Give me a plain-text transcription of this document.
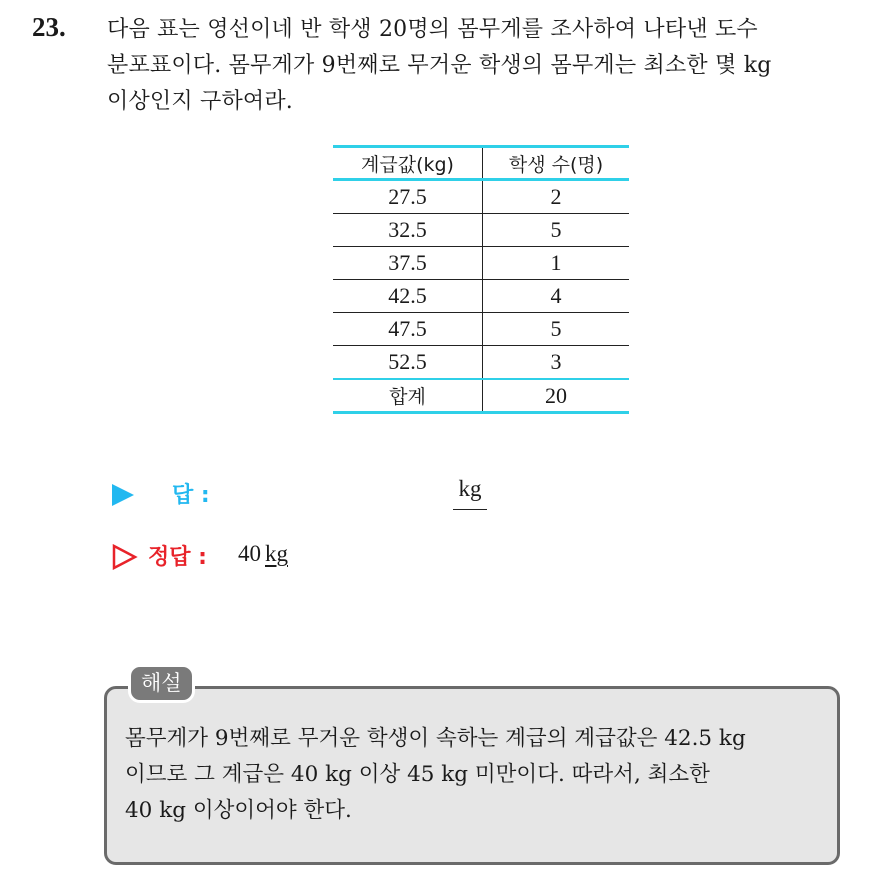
23. 다음 표는 영선이네 반 학생 20명의 몸무게를 조사하여 나타낸 도수

분포표이다. 몸무게가 9번째로 무거운 학생의 몸무게는 최소한 몇 kg

이상인지 구하여라.

계급값(kg)	학생 수(명)
27.5	2
32.5	5
37.5	1
42.5	4
47.5	5
52.5	3
합계	20
답 :	kg
정답 : 40 kg
해설

몸무게가 9번째로 무거운 학생이 속하는 계급의 계급값은 42.5 kg

이므로 그 계급은 40 kg 이상 45 kg 미만이다. 따라서, 최소한

40 kg 이상이어야 한다.
